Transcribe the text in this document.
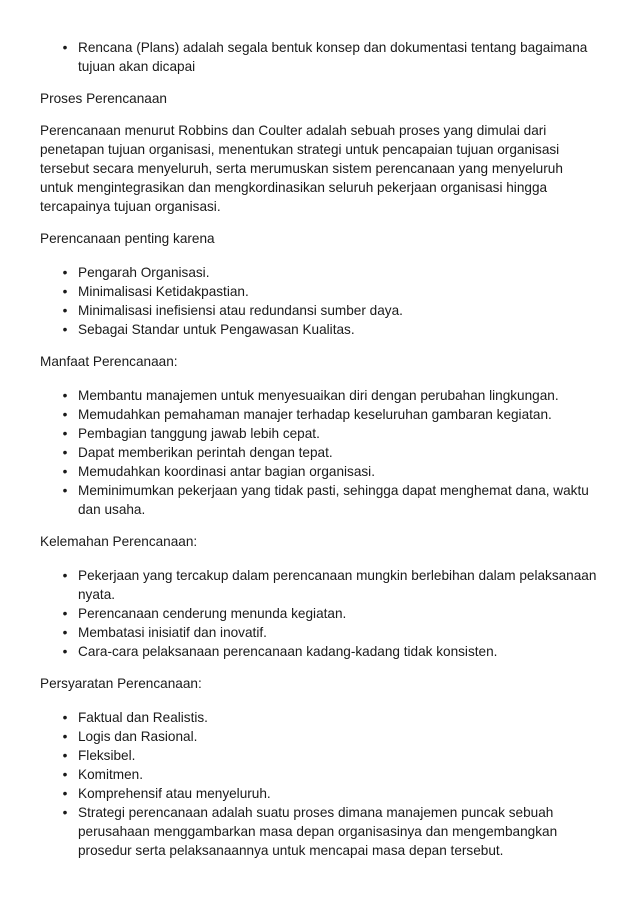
• Rencana (Plans) adalah segala bentuk konsep dan dokumentasi tentang bagaimana tujuan akan dicapai

Proses Perencanaan

Perencanaan menurut Robbins dan Coulter adalah sebuah proses yang dimulai dari penetapan tujuan organisasi, menentukan strategi untuk pencapaian tujuan organisasi tersebut secara menyeluruh, serta merumuskan sistem perencanaan yang menyeluruh untuk mengintegrasikan dan mengkordinasikan seluruh pekerjaan organisasi hingga tercapainya tujuan organisasi.

Perencanaan penting karena

• Pengarah Organisasi.
• Minimalisasi Ketidakpastian.
• Minimalisasi inefisiensi atau redundansi sumber daya.
• Sebagai Standar untuk Pengawasan Kualitas.

Manfaat Perencanaan:

• Membantu manajemen untuk menyesuaikan diri dengan perubahan lingkungan.
• Memudahkan pemahaman manajer terhadap keseluruhan gambaran kegiatan.
• Pembagian tanggung jawab lebih cepat.
• Dapat memberikan perintah dengan tepat.
• Memudahkan koordinasi antar bagian organisasi.
• Meminimumkan pekerjaan yang tidak pasti, sehingga dapat menghemat dana, waktu dan usaha.

Kelemahan Perencanaan:

• Pekerjaan yang tercakup dalam perencanaan mungkin berlebihan dalam pelaksanaan nyata.
• Perencanaan cenderung menunda kegiatan.
• Membatasi inisiatif dan inovatif.
• Cara-cara pelaksanaan perencanaan kadang-kadang tidak konsisten.

Persyaratan Perencanaan:

• Faktual dan Realistis.
• Logis dan Rasional.
• Fleksibel.
• Komitmen.
• Komprehensif atau menyeluruh.
• Strategi perencanaan adalah suatu proses dimana manajemen puncak sebuah perusahaan menggambarkan masa depan organisasinya dan mengembangkan prosedur serta pelaksanaannya untuk mencapai masa depan tersebut.
